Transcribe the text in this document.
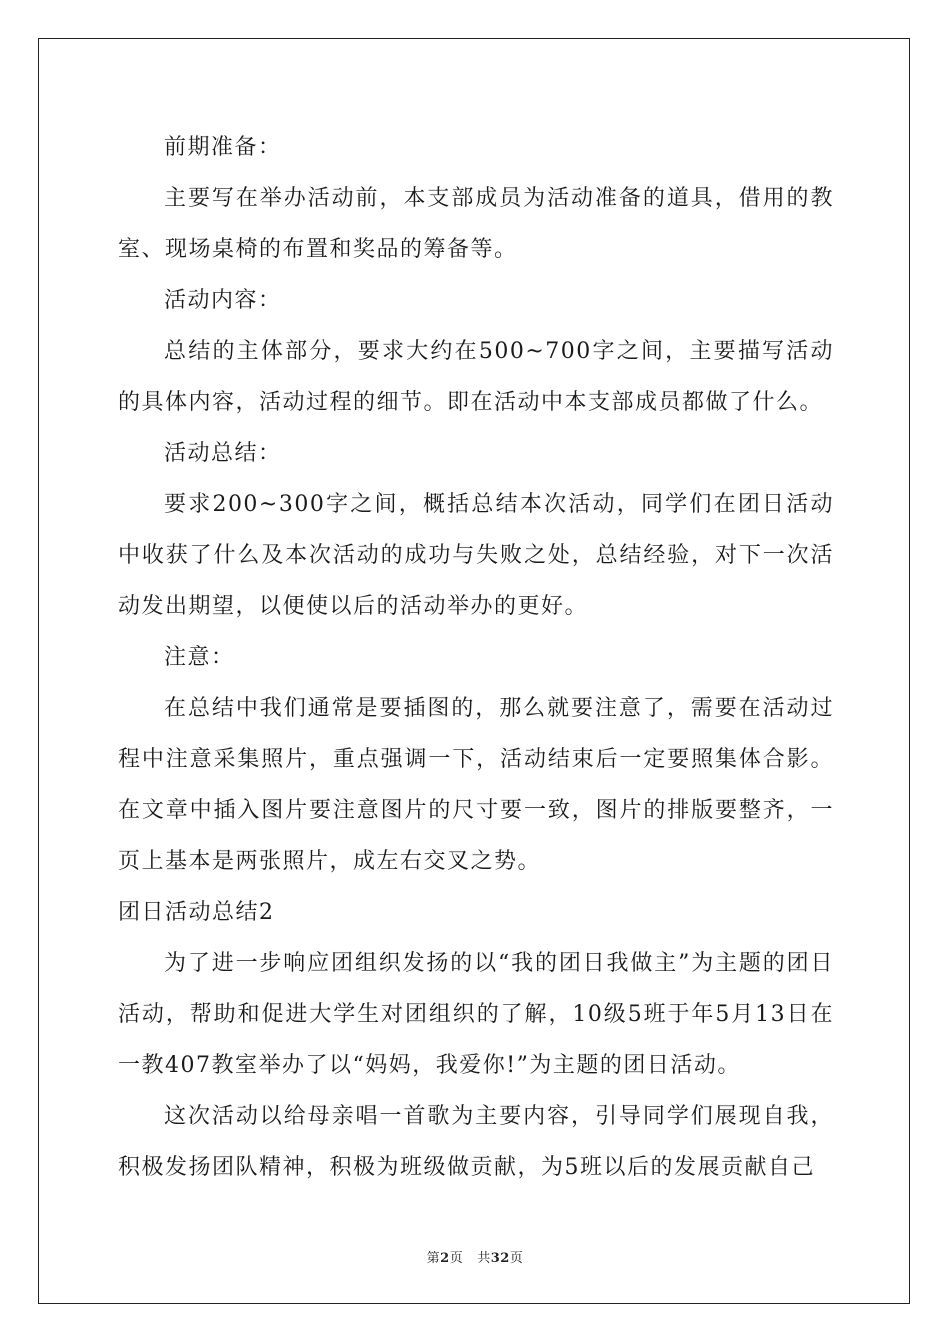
前期准备：

主要写在举办活动前，本支部成员为活动准备的道具，借用的教室、现场桌椅的布置和奖品的筹备等。

活动内容：

总结的主体部分，要求大约在500~700字之间，主要描写活动的具体内容，活动过程的细节。即在活动中本支部成员都做了什么。

活动总结：

要求200~300字之间，概括总结本次活动，同学们在团日活动中收获了什么及本次活动的成功与失败之处，总结经验，对下一次活动发出期望，以便使以后的活动举办的更好。

注意：

在总结中我们通常是要插图的，那么就要注意了，需要在活动过程中注意采集照片，重点强调一下，活动结束后一定要照集体合影。在文章中插入图片要注意图片的尺寸要一致，图片的排版要整齐，一页上基本是两张照片，成左右交叉之势。

团日活动总结2

为了进一步响应团组织发扬的以“我的团日我做主”为主题的团日活动，帮助和促进大学生对团组织的了解，10级5班于年5月13日在一教407教室举办了以“妈妈，我爱你!”为主题的团日活动。

这次活动以给母亲唱一首歌为主要内容，引导同学们展现自我，积极发扬团队精神，积极为班级做贡献，为5班以后的发展贡献自己

第2页 共32页
